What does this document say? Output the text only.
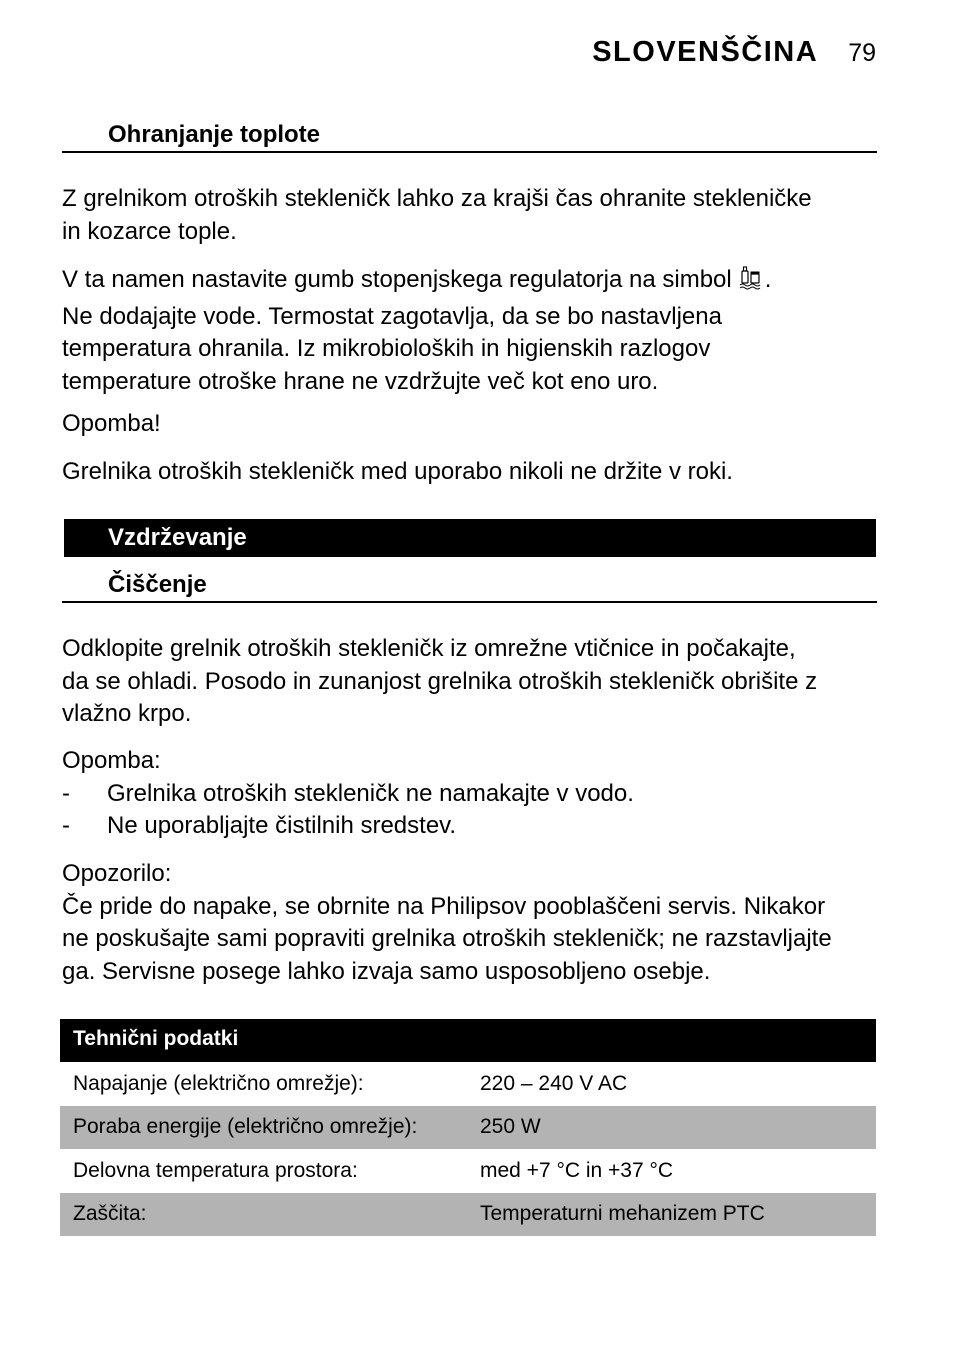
SLOVENŠČINA 79
Ohranjanje toplote

Z grelnikom otroških stekleničk lahko za krajši čas ohranite stekleničke
in kozarce tople.

V ta namen nastavite gumb stopenjskega regulatorja na simbol .
Ne dodajajte vode. Termostat zagotavlja, da se bo nastavljena
temperatura ohranila. Iz mikrobioloških in higienskih razlogov
temperature otroške hrane ne vzdržujte več kot eno uro.

Opomba!

Grelnika otroških stekleničk med uporabo nikoli ne držite v roki.

Vzdrževanje
Čiščenje

Odklopite grelnik otroških stekleničk iz omrežne vtičnice in počakajte,
da se ohladi. Posodo in zunanjost grelnika otroških stekleničk obrišite z
vlažno krpo.

Opomba:

- Grelnika otroških stekleničk ne namakajte v vodo.
- Ne uporabljajte čistilnih sredstev.

Opozorilo:
Če pride do napake, se obrnite na Philipsov pooblaščeni servis. Nikakor
ne poskušajte sami popraviti grelnika otroških stekleničk; ne razstavljajte
ga. Servisne posege lahko izvaja samo usposobljeno osebje.

Tehnični podatki
Napajanje (električno omrežje):	220 – 240 V AC
Poraba energije (električno omrežje):	250 W
Delovna temperatura prostora:	med +7 °C in +37 °C
Zaščita:	Temperaturni mehanizem PTC
